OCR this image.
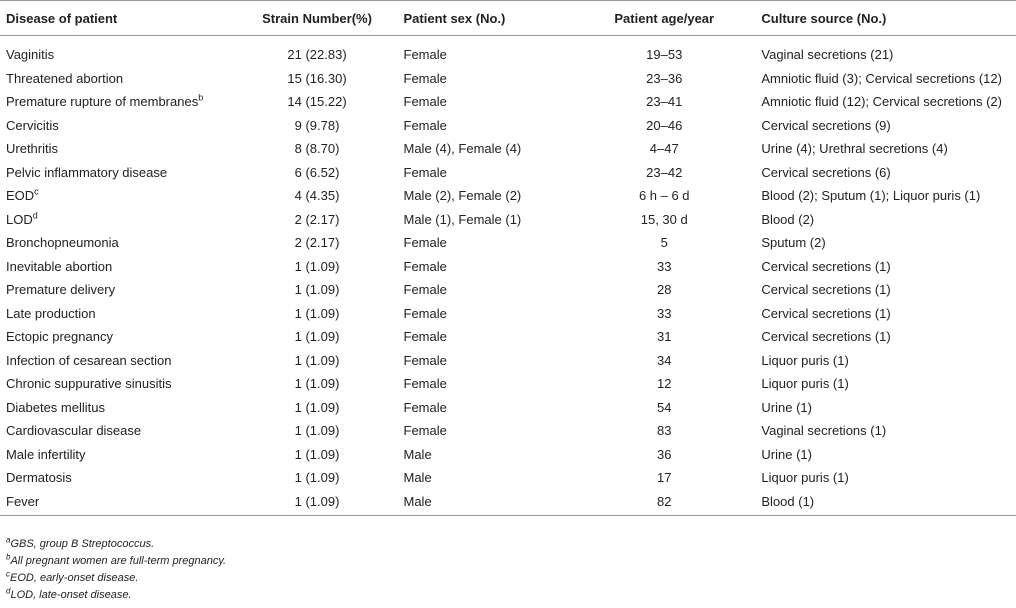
Disease of patient	Strain Number(%)	Patient sex (No.)	Patient age/year	Culture source (No.)
Vaginitis	21 (22.83)	Female	19–53	Vaginal secretions (21)
Threatened abortion	15 (16.30)	Female	23–36	Amniotic fluid (3); Cervical secretions (12)
Premature rupture of membranes$^b$	14 (15.22)	Female	23–41	Amniotic fluid (12); Cervical secretions (2)
Cervicitis	9 (9.78)	Female	20–46	Cervical secretions (9)
Urethritis	8 (8.70)	Male (4), Female (4)	4–47	Urine (4); Urethral secretions (4)
Pelvic inflammatory disease	6 (6.52)	Female	23–42	Cervical secretions (6)
EOD$^c$	4 (4.35)	Male (2), Female (2)	6 h – 6 d	Blood (2); Sputum (1); Liquor puris (1)
LOD$^d$	2 (2.17)	Male (1), Female (1)	15, 30 d	Blood (2)
Bronchopneumonia	2 (2.17)	Female	5	Sputum (2)
Inevitable abortion	1 (1.09)	Female	33	Cervical secretions (1)
Premature delivery	1 (1.09)	Female	28	Cervical secretions (1)
Late production	1 (1.09)	Female	33	Cervical secretions (1)
Ectopic pregnancy	1 (1.09)	Female	31	Cervical secretions (1)
Infection of cesarean section	1 (1.09)	Female	34	Liquor puris (1)
Chronic suppurative sinusitis	1 (1.09)	Female	12	Liquor puris (1)
Diabetes mellitus	1 (1.09)	Female	54	Urine (1)
Cardiovascular disease	1 (1.09)	Female	83	Vaginal secretions (1)
Male infertility	1 (1.09)	Male	36	Urine (1)
Dermatosis	1 (1.09)	Male	17	Liquor puris (1)
Fever	1 (1.09)	Male	82	Blood (1)
$^a$GBS, group B Streptococcus.
$^b$All pregnant women are full-term pregnancy.
$^c$EOD, early-onset disease.
$^d$LOD, late-onset disease.
